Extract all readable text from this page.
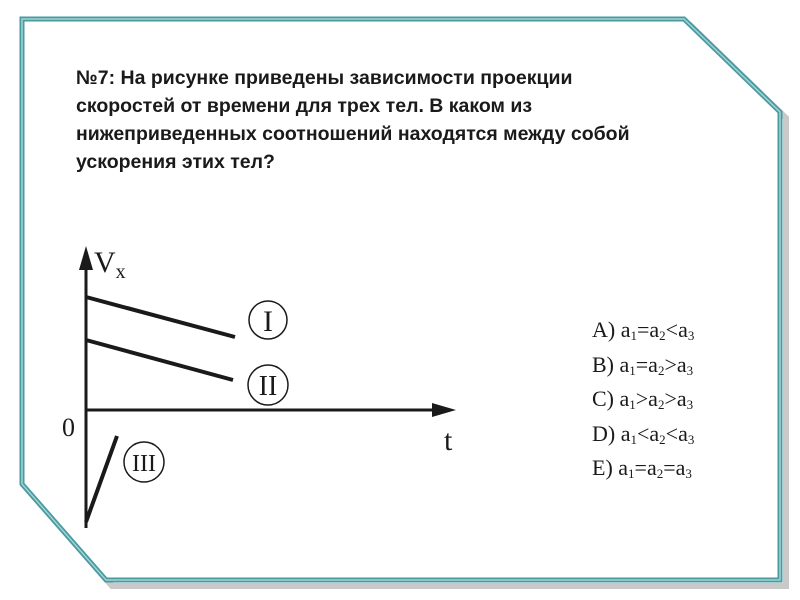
№7: На рисунке приведены зависимости проекции
скоростей от времени для трех тел. В каком из
нижеприведенных соотношений находятся между собой
ускорения этих тел?
$V_x$
t
0
I
II
III
A) $a_1=a_2<a_3$
B) $a_1=a_2>a_3$
C) $a_1>a_2>a_3$
D) $a_1<a_2<a_3$
E) $a_1=a_2=a_3$
